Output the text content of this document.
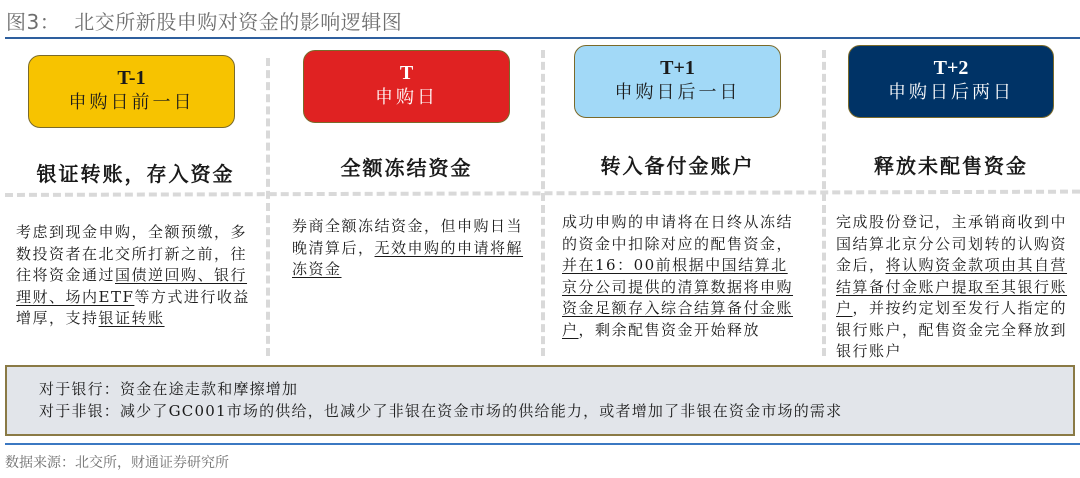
图3： 北交所新股申购对资金的影响逻辑图
T-1
申购日前一日
T
申购日
T+1
申购日后一日
T+2
申购日后两日
银证转账，存入资金	全额冻结资金	转入备付金账户	释放未配售资金
考虑到现金申购，全额预缴，多数投资者在北交所打新之前，往往将资金通过国债逆回购、银行理财、场内ETF等方式进行收益增厚，支持银证转账
券商全额冻结资金，但申购日当晚清算后，无效申购的申请将解冻资金
成功申购的申请将在日终从冻结的资金中扣除对应的配售资金，并在16：00前根据中国结算北京分公司提供的清算数据将申购资金足额存入综合结算备付金账户，剩余配售资金开始释放
完成股份登记，主承销商收到中国结算北京分公司划转的认购资金后，将认购资金款项由其自营结算备付金账户提取至其银行账户，并按约定划至发行人指定的银行账户，配售资金完全释放到银行账户
对于银行：资金在途走款和摩擦增加
对于非银：减少了GC001市场的供给，也减少了非银在资金市场的供给能力，或者增加了非银在资金市场的需求
数据来源：北交所，财通证券研究所
